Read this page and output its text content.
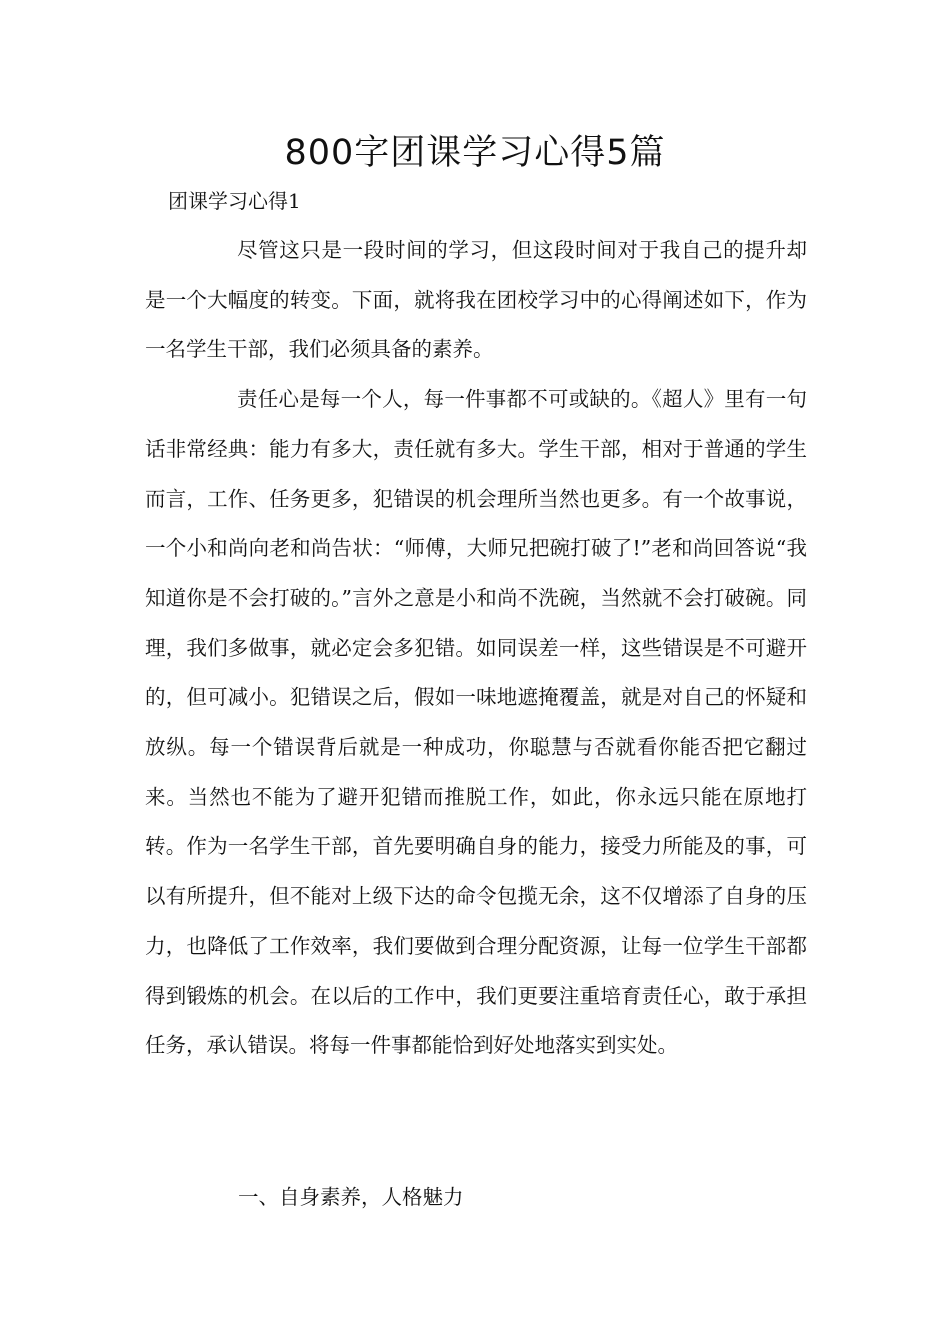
800字团课学习心得5篇
团课学习心得1

尽管这只是一段时间的学习，但这段时间对于我自己的提升却是一个大幅度的转变。下面，就将我在团校学习中的心得阐述如下，作为一名学生干部，我们必须具备的素养。

责任心是每一个人，每一件事都不可或缺的。《超人》里有一句话非常经典：能力有多大，责任就有多大。学生干部，相对于普通的学生而言，工作、任务更多，犯错误的机会理所当然也更多。有一个故事说，一个小和尚向老和尚告状：“师傅，大师兄把碗打破了!”老和尚回答说“我知道你是不会打破的。”言外之意是小和尚不洗碗，当然就不会打破碗。同理，我们多做事，就必定会多犯错。如同误差一样，这些错误是不可避开的，但可减小。犯错误之后，假如一味地遮掩覆盖，就是对自己的怀疑和放纵。每一个错误背后就是一种成功，你聪慧与否就看你能否把它翻过来。当然也不能为了避开犯错而推脱工作，如此，你永远只能在原地打转。作为一名学生干部，首先要明确自身的能力，接受力所能及的事，可以有所提升，但不能对上级下达的命令包揽无余，这不仅增添了自身的压力，也降低了工作效率，我们要做到合理分配资源，让每一位学生干部都得到锻炼的机会。在以后的工作中，我们更要注重培育责任心，敢于承担任务，承认错误。将每一件事都能恰到好处地落实到实处。

一、自身素养，人格魅力
